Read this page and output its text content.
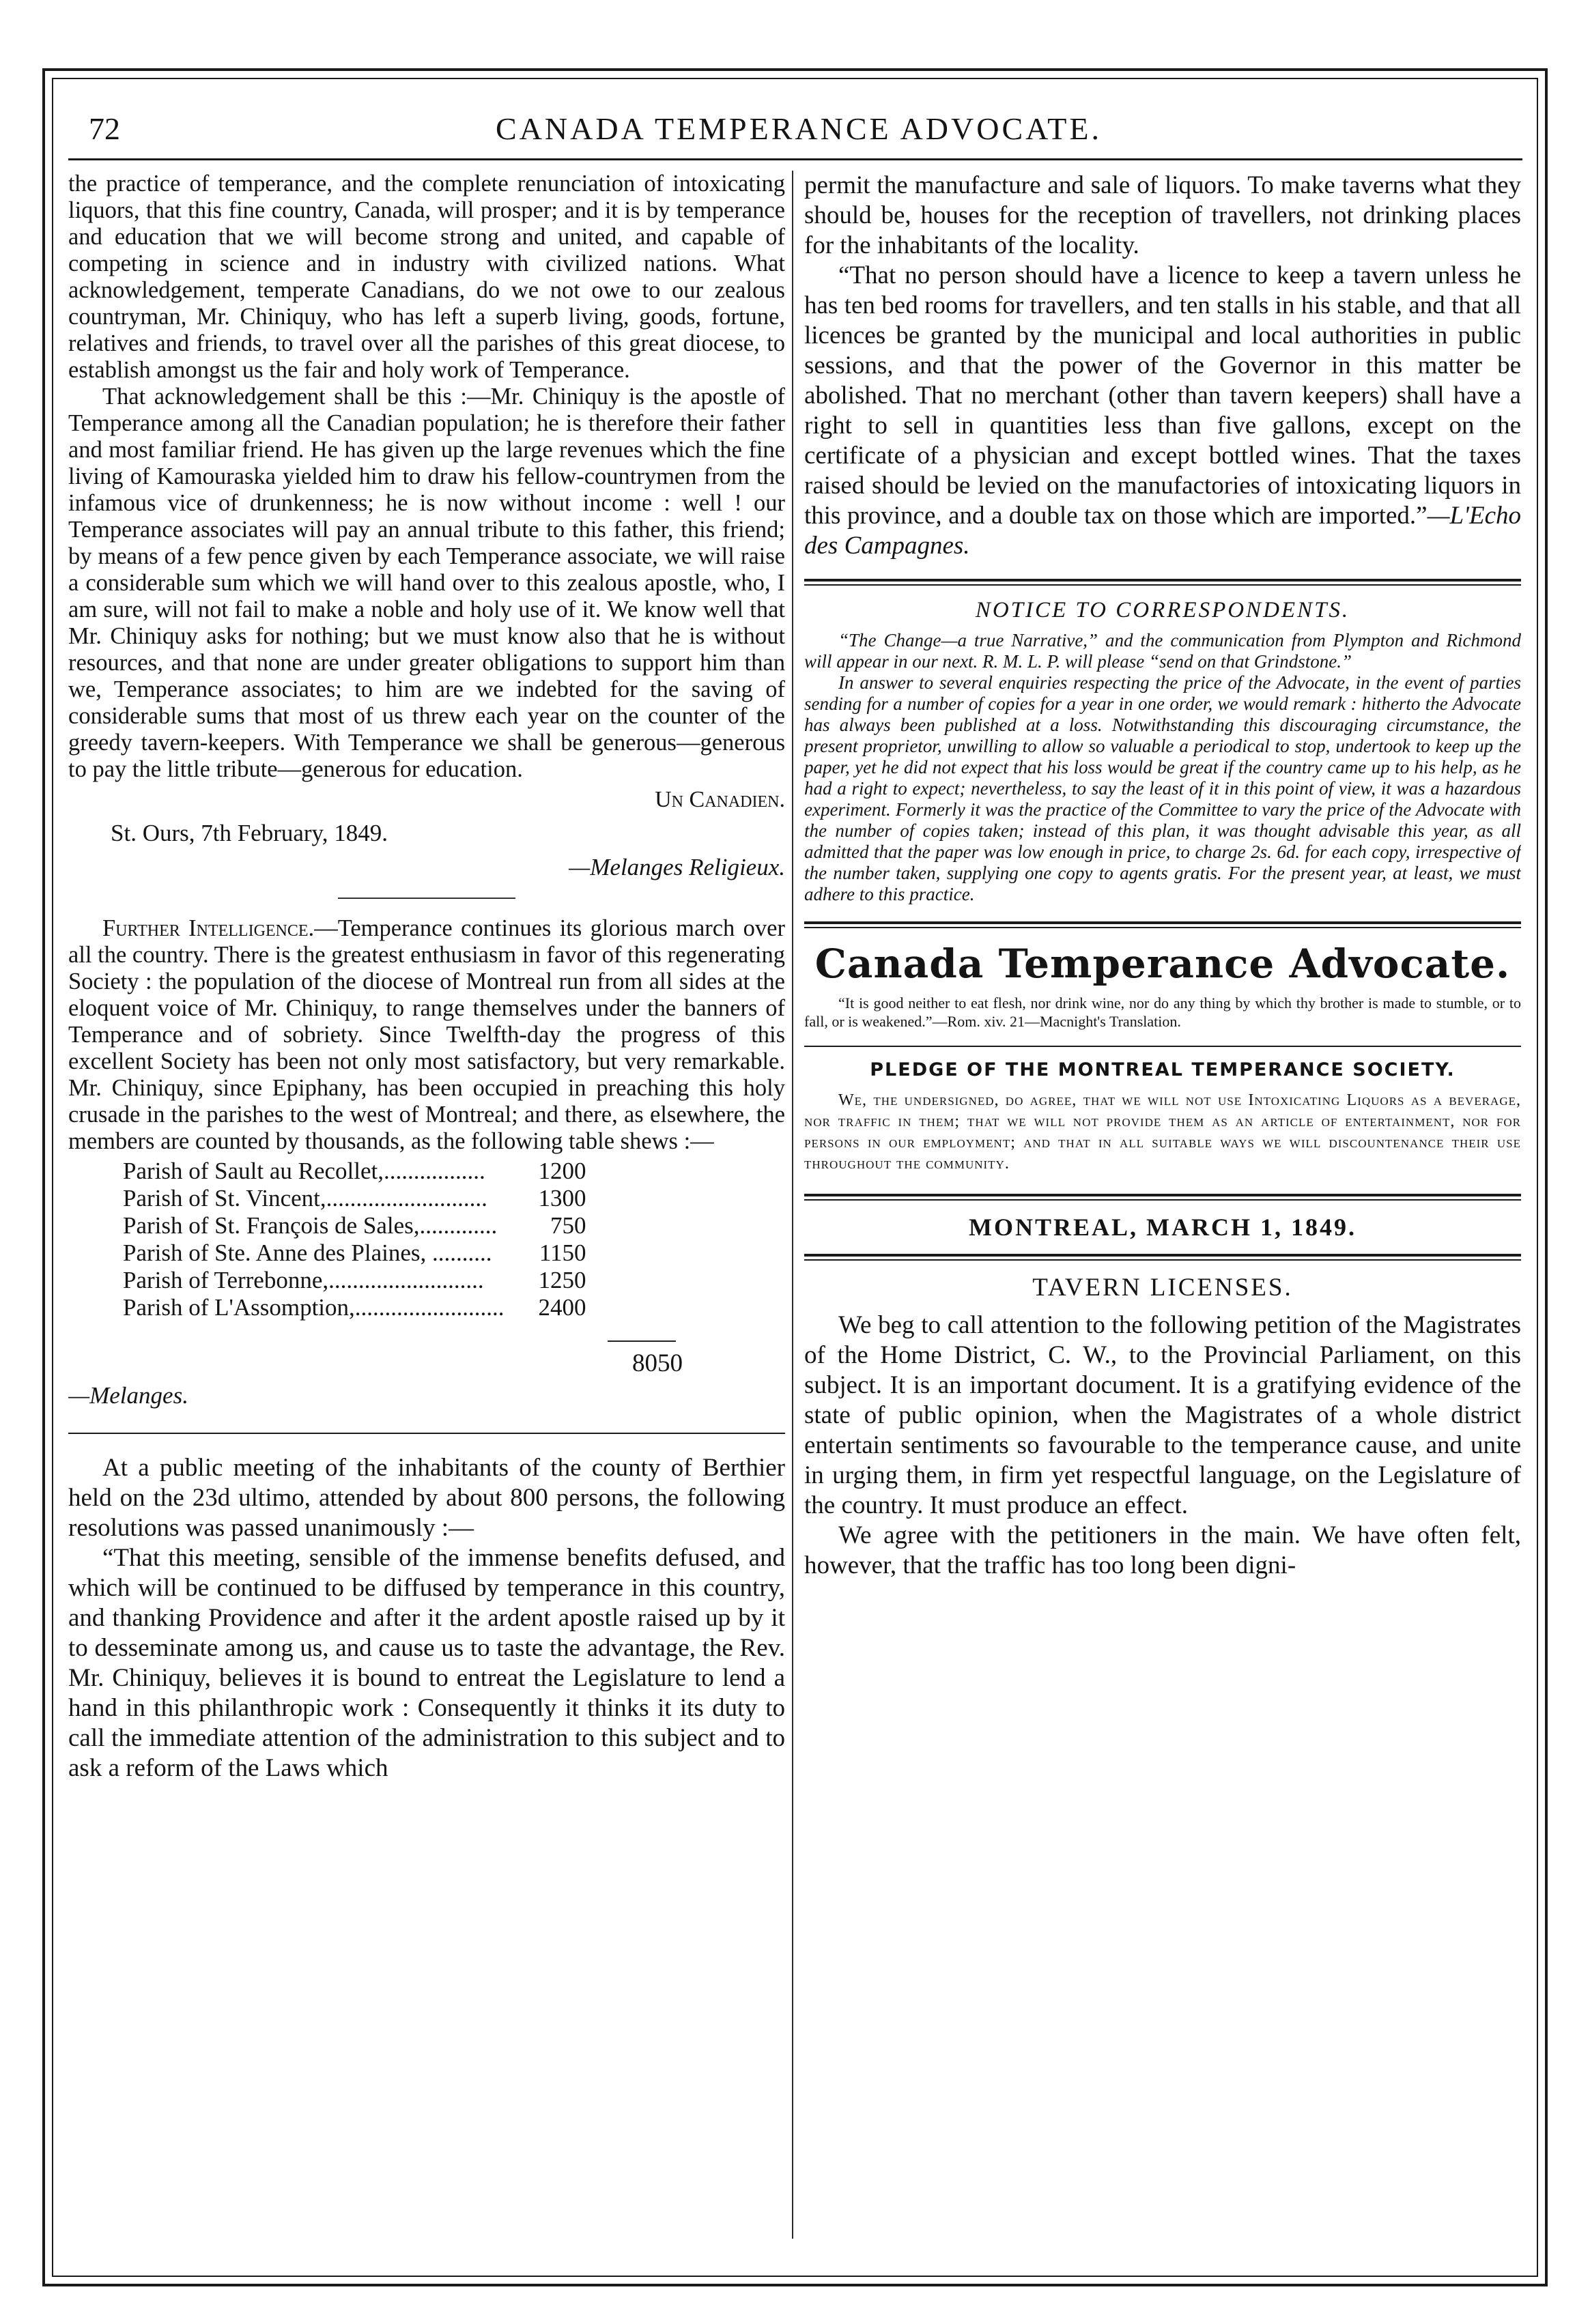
72	CANADA TEMPERANCE ADVOCATE.

the practice of temperance, and the complete renunciation of intoxicating liquors, that this fine country, Canada, will prosper; and it is by temperance and education that we will become strong and united, and capable of competing in science and in industry with civilized nations. What acknowledgement, temperate Canadians, do we not owe to our zealous countryman, Mr. Chiniquy, who has left a superb living, goods, fortune, relatives and friends, to travel over all the parishes of this great diocese, to establish amongst us the fair and holy work of Temperance.

That acknowledgement shall be this :—Mr. Chiniquy is the apostle of Temperance among all the Canadian population; he is therefore their father and most familiar friend. He has given up the large revenues which the fine living of Kamouraska yielded him to draw his fellow-countrymen from the infamous vice of drunkenness; he is now without income : well ! our Temperance associates will pay an annual tribute to this father, this friend; by means of a few pence given by each Temperance associate, we will raise a considerable sum which we will hand over to this zealous apostle, who, I am sure, will not fail to make a noble and holy use of it. We know well that Mr. Chiniquy asks for nothing; but we must know also that he is without resources, and that none are under greater obligations to support him than we, Temperance associates; to him are we indebted for the saving of considerable sums that most of us threw each year on the counter of the greedy tavern-keepers. With Temperance we shall be generous—generous to pay the little tribute—generous for education.

Un Canadien.
St. Ours, 7th February, 1849.
—Melanges Religieux.

Further Intelligence.—Temperance continues its glorious march over all the country. There is the greatest enthusiasm in favor of this regenerating Society : the population of the diocese of Montreal run from all sides at the eloquent voice of Mr. Chiniquy, to range themselves under the banners of Temperance and of sobriety. Since Twelfth-day the progress of this excellent Society has been not only most satisfactory, but very remarkable. Mr. Chiniquy, since Epiphany, has been occupied in preaching this holy crusade in the parishes to the west of Montreal; and there, as elsewhere, the members are counted by thousands, as the following table shews :—

Parish of Sault au Recollet,.................	1200
Parish of St. Vincent,...........................	1300
Parish of St. François de Sales,.............	750
Parish of Ste. Anne des Plaines, ..........	1150
Parish of Terrebonne,..........................	1250
Parish of L'Assomption,.........................	2400
8050
—Melanges.

At a public meeting of the inhabitants of the county of Berthier held on the 23d ultimo, attended by about 800 persons, the following resolutions was passed unanimously :—

“That this meeting, sensible of the immense benefits defused, and which will be continued to be diffused by temperance in this country, and thanking Providence and after it the ardent apostle raised up by it to desseminate among us, and cause us to taste the advantage, the Rev. Mr. Chiniquy, believes it is bound to entreat the Legislature to lend a hand in this philanthropic work : Consequently it thinks it its duty to call the immediate attention of the administration to this subject and to ask a reform of the Laws which

permit the manufacture and sale of liquors. To make taverns what they should be, houses for the reception of travellers, not drinking places for the inhabitants of the locality.

“That no person should have a licence to keep a tavern unless he has ten bed rooms for travellers, and ten stalls in his stable, and that all licences be granted by the municipal and local authorities in public sessions, and that the power of the Governor in this matter be abolished. That no merchant (other than tavern keepers) shall have a right to sell in quantities less than five gallons, except on the certificate of a physician and except bottled wines. That the taxes raised should be levied on the manufactories of intoxicating liquors in this province, and a double tax on those which are imported.”—L'Echo des Campagnes.

NOTICE TO CORRESPONDENTS.

“The Change—a true Narrative,” and the communication from Plympton and Richmond will appear in our next. R. M. L. P. will please “send on that Grindstone.”

In answer to several enquiries respecting the price of the Advocate, in the event of parties sending for a number of copies for a year in one order, we would remark : hitherto the Advocate has always been published at a loss. Notwithstanding this discouraging circumstance, the present proprietor, unwilling to allow so valuable a periodical to stop, undertook to keep up the paper, yet he did not expect that his loss would be great if the country came up to his help, as he had a right to expect; nevertheless, to say the least of it in this point of view, it was a hazardous experiment. Formerly it was the practice of the Committee to vary the price of the Advocate with the number of copies taken; instead of this plan, it was thought advisable this year, as all admitted that the paper was low enough in price, to charge 2s. 6d. for each copy, irrespective of the number taken, supplying one copy to agents gratis. For the present year, at least, we must adhere to this practice.

Canada Temperance Advocate.

“It is good neither to eat flesh, nor drink wine, nor do any thing by which thy brother is made to stumble, or to fall, or is weakened.”—Rom. xiv. 21—Macnight's Translation.

PLEDGE OF THE MONTREAL TEMPERANCE SOCIETY.

We, the undersigned, do agree, that we will not use Intoxicating Liquors as a beverage, nor traffic in them; that we will not provide them as an article of entertainment, nor for persons in our employment; and that in all suitable ways we will discountenance their use throughout the community.

MONTREAL, MARCH 1, 1849.
TAVERN LICENSES.

We beg to call attention to the following petition of the Magistrates of the Home District, C. W., to the Provincial Parliament, on this subject. It is an important document. It is a gratifying evidence of the state of public opinion, when the Magistrates of a whole district entertain sentiments so favourable to the temperance cause, and unite in urging them, in firm yet respectful language, on the Legislature of the country. It must produce an effect.

We agree with the petitioners in the main. We have often felt, however, that the traffic has too long been digni-
